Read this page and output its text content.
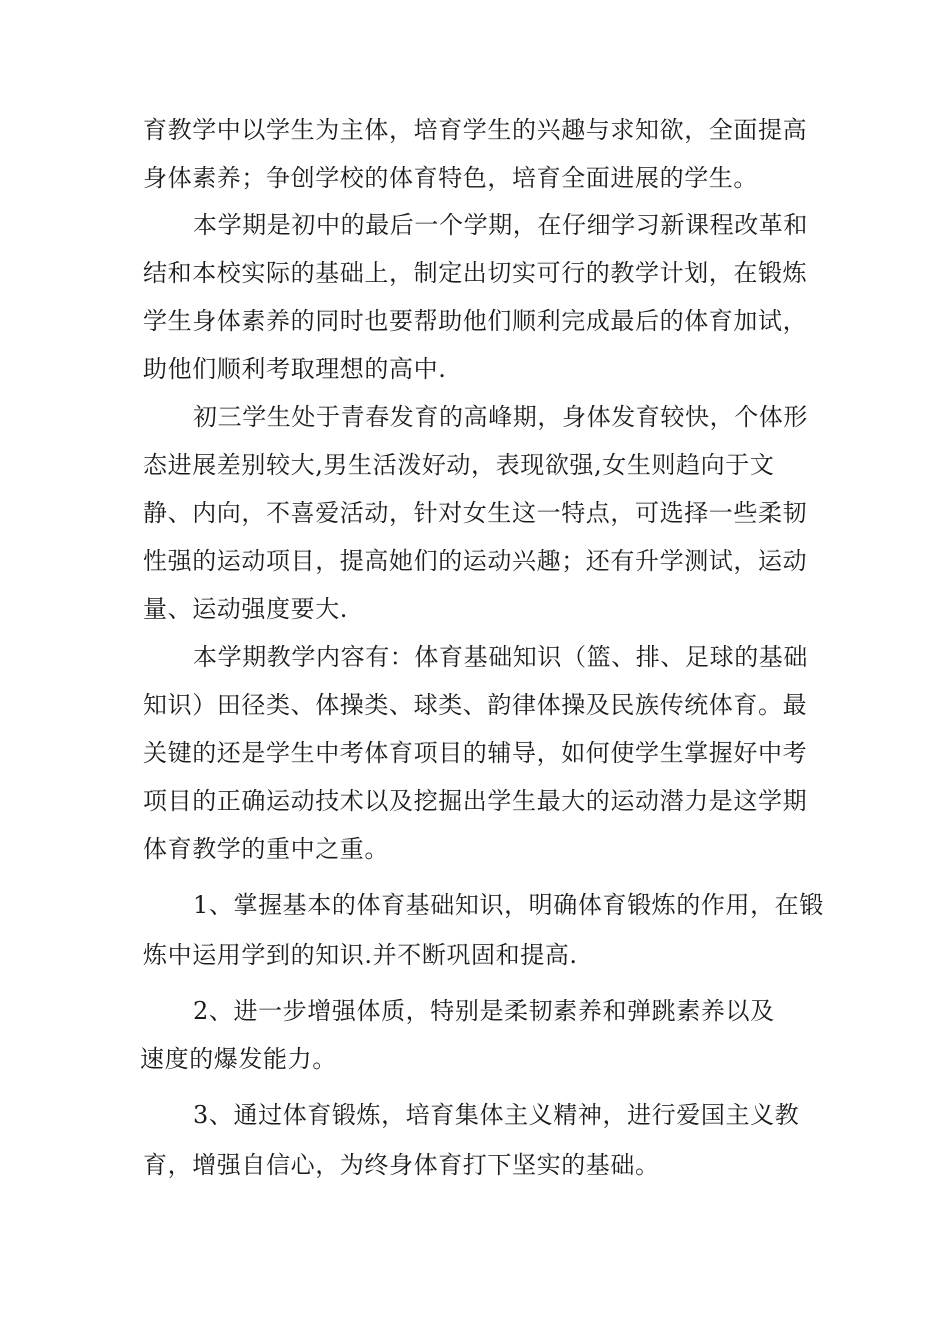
育教学中以学生为主体，培育学生的兴趣与求知欲，全面提高
身体素养；争创学校的体育特色，培育全面进展的学生。
本学期是初中的最后一个学期，在仔细学习新课程改革和
结和本校实际的基础上，制定出切实可行的教学计划，在锻炼
学生身体素养的同时也要帮助他们顺利完成最后的体育加试，
助他们顺利考取理想的高中.
初三学生处于青春发育的高峰期，身体发育较快，个体形
态进展差别较大,男生活泼好动，表现欲强,女生则趋向于文
静、内向，不喜爱活动，针对女生这一特点，可选择一些柔韧
性强的运动项目，提高她们的运动兴趣；还有升学测试，运动
量、运动强度要大.
本学期教学内容有：体育基础知识（篮、排、足球的基础
知识）田径类、体操类、球类、韵律体操及民族传统体育。最
关键的还是学生中考体育项目的辅导，如何使学生掌握好中考
项目的正确运动技术以及挖掘出学生最大的运动潜力是这学期
体育教学的重中之重。
1、掌握基本的体育基础知识，明确体育锻炼的作用，在锻
炼中运用学到的知识.并不断巩固和提高.
2、进一步增强体质，特别是柔韧素养和弹跳素养以及
速度的爆发能力。
3、通过体育锻炼，培育集体主义精神，进行爱国主义教
育，增强自信心，为终身体育打下坚实的基础。
